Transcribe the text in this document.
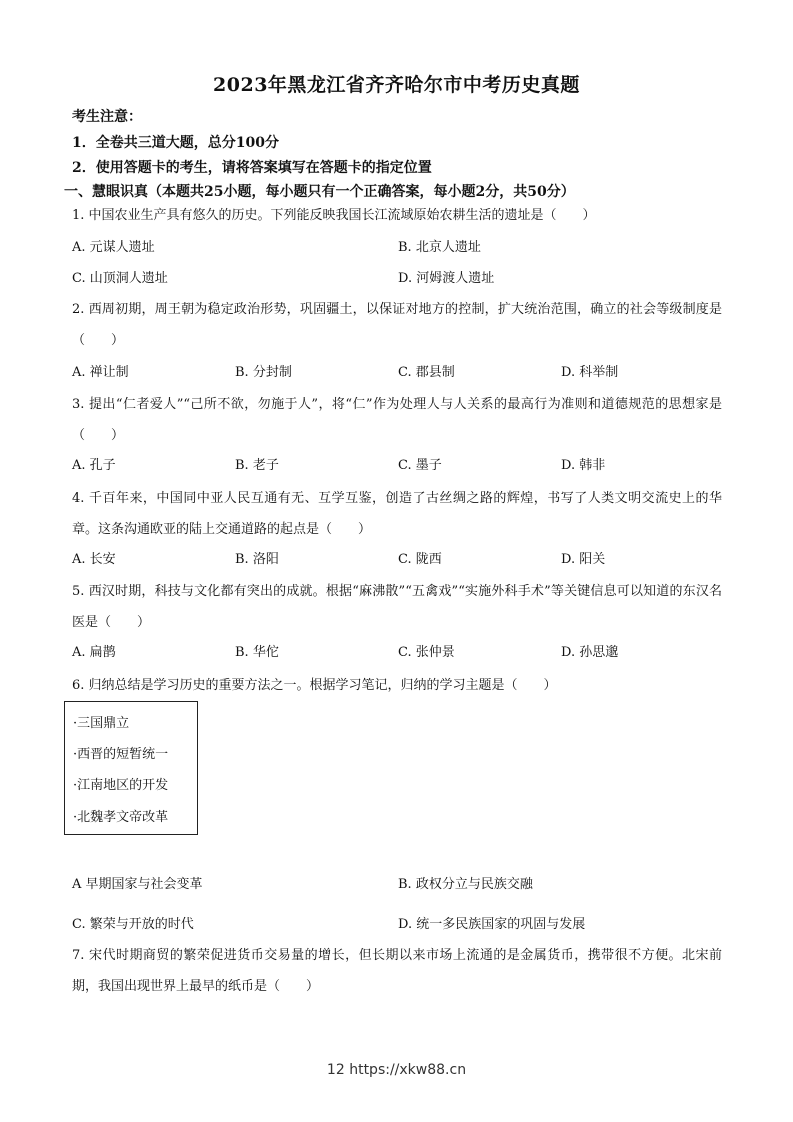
2023年黑龙江省齐齐哈尔市中考历史真题
考生注意：
1．全卷共三道大题，总分100分
2．使用答题卡的考生，请将答案填写在答题卡的指定位置
一、慧眼识真（本题共25小题，每小题只有一个正确答案，每小题2分，共50分）
1. 中国农业生产具有悠久的历史。下列能反映我国长江流域原始农耕生活的遗址是（　　）
A. 元谋人遗址	B. 北京人遗址
C. 山顶洞人遗址	D. 河姆渡人遗址
2. 西周初期，周王朝为稳定政治形势，巩固疆土，以保证对地方的控制，扩大统治范围，确立的社会等级制度是（　　）
A. 禅让制	B. 分封制	C. 郡县制	D. 科举制
3. 提出“仁者爱人”“己所不欲，勿施于人”，将“仁”作为处理人与人关系的最高行为准则和道德规范的思想家是（　　）
A. 孔子	B. 老子	C. 墨子	D. 韩非
4. 千百年来，中国同中亚人民互通有无、互学互鉴，创造了古丝绸之路的辉煌，书写了人类文明交流史上的华章。这条沟通欧亚的陆上交通道路的起点是（　　）
A. 长安	B. 洛阳	C. 陇西	D. 阳关
5. 西汉时期，科技与文化都有突出的成就。根据“麻沸散”“五禽戏”“实施外科手术”等关键信息可以知道的东汉名医是（　　）
A. 扁鹊	B. 华佗	C. 张仲景	D. 孙思邈
6. 归纳总结是学习历史的重要方法之一。根据学习笔记，归纳的学习主题是（　　）
·三国鼎立
·西晋的短暂统一
·江南地区的开发
·北魏孝文帝改革
A 早期国家与社会变革	B. 政权分立与民族交融
C. 繁荣与开放的时代	D. 统一多民族国家的巩固与发展
7. 宋代时期商贸的繁荣促进货币交易量的增长，但长期以来市场上流通的是金属货币，携带很不方便。北宋前期，我国出现世界上最早的纸币是（　　）
12 https://xkw88.cn
